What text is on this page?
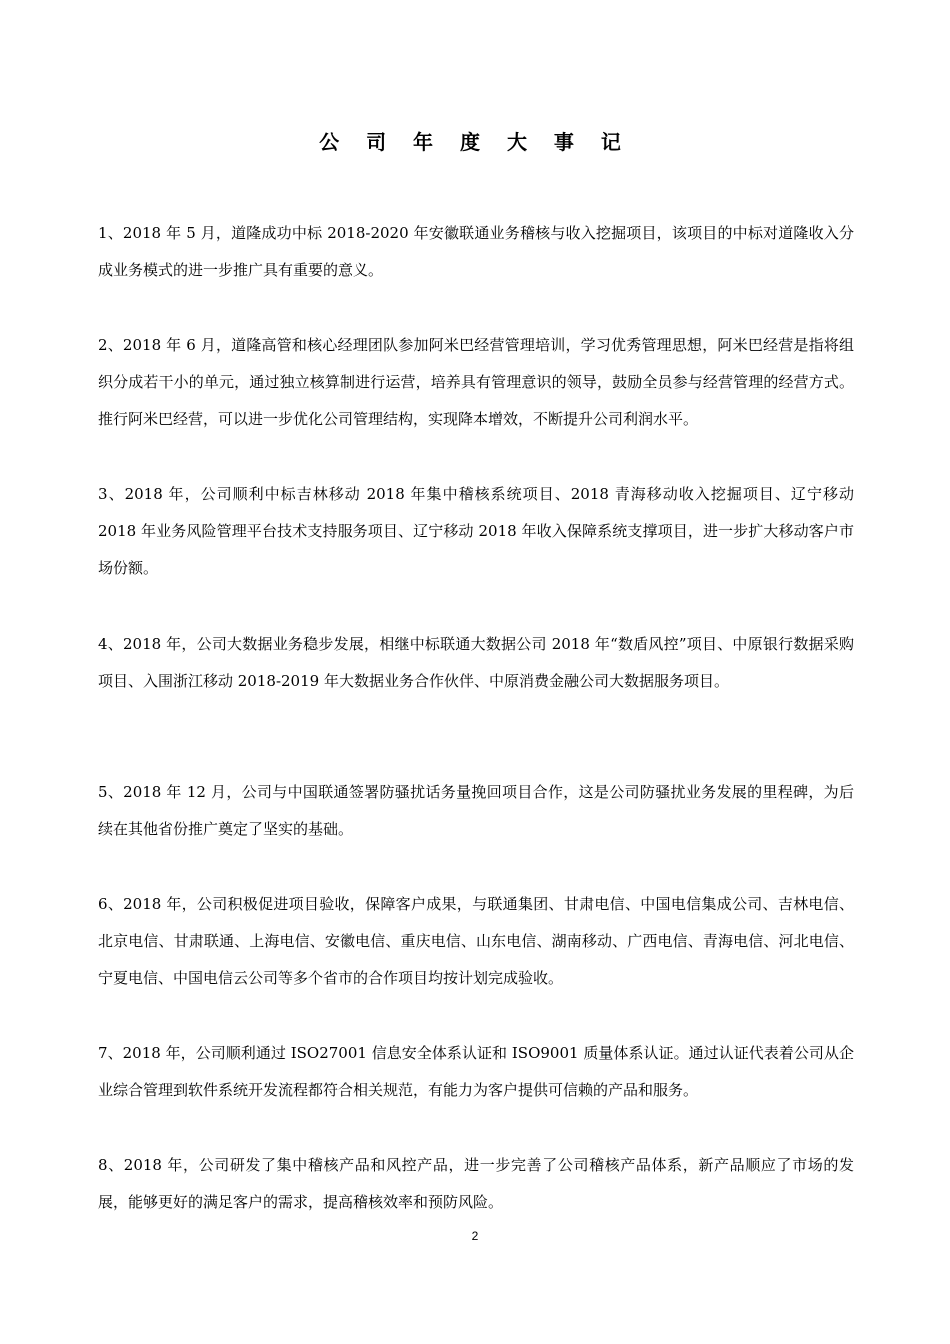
公 司 年 度 大 事 记

1、2018 年 5 月，道隆成功中标 2018-2020 年安徽联通业务稽核与收入挖掘项目，该项目的中标对道隆收入分成业务模式的进一步推广具有重要的意义。

2、2018 年 6 月，道隆高管和核心经理团队参加阿米巴经营管理培训，学习优秀管理思想，阿米巴经营是指将组织分成若干小的单元，通过独立核算制进行运营，培养具有管理意识的领导，鼓励全员参与经营管理的经营方式。推行阿米巴经营，可以进一步优化公司管理结构，实现降本增效，不断提升公司利润水平。

3、2018 年，公司顺利中标吉林移动 2018 年集中稽核系统项目、2018 青海移动收入挖掘项目、辽宁移动 2018 年业务风险管理平台技术支持服务项目、辽宁移动 2018 年收入保障系统支撑项目，进一步扩大移动客户市场份额。

4、2018 年，公司大数据业务稳步发展，相继中标联通大数据公司 2018 年“数盾风控”项目、中原银行数据采购项目、入围浙江移动 2018-2019 年大数据业务合作伙伴、中原消费金融公司大数据服务项目。

5、2018 年 12 月，公司与中国联通签署防骚扰话务量挽回项目合作，这是公司防骚扰业务发展的里程碑，为后续在其他省份推广奠定了坚实的基础。

6、2018 年，公司积极促进项目验收，保障客户成果，与联通集团、甘肃电信、中国电信集成公司、吉林电信、北京电信、甘肃联通、上海电信、安徽电信、重庆电信、山东电信、湖南移动、广西电信、青海电信、河北电信、宁夏电信、中国电信云公司等多个省市的合作项目均按计划完成验收。

7、2018 年，公司顺利通过 ISO27001 信息安全体系认证和 ISO9001 质量体系认证。通过认证代表着公司从企业综合管理到软件系统开发流程都符合相关规范，有能力为客户提供可信赖的产品和服务。

8、2018 年，公司研发了集中稽核产品和风控产品，进一步完善了公司稽核产品体系，新产品顺应了市场的发展，能够更好的满足客户的需求，提高稽核效率和预防风险。

2
